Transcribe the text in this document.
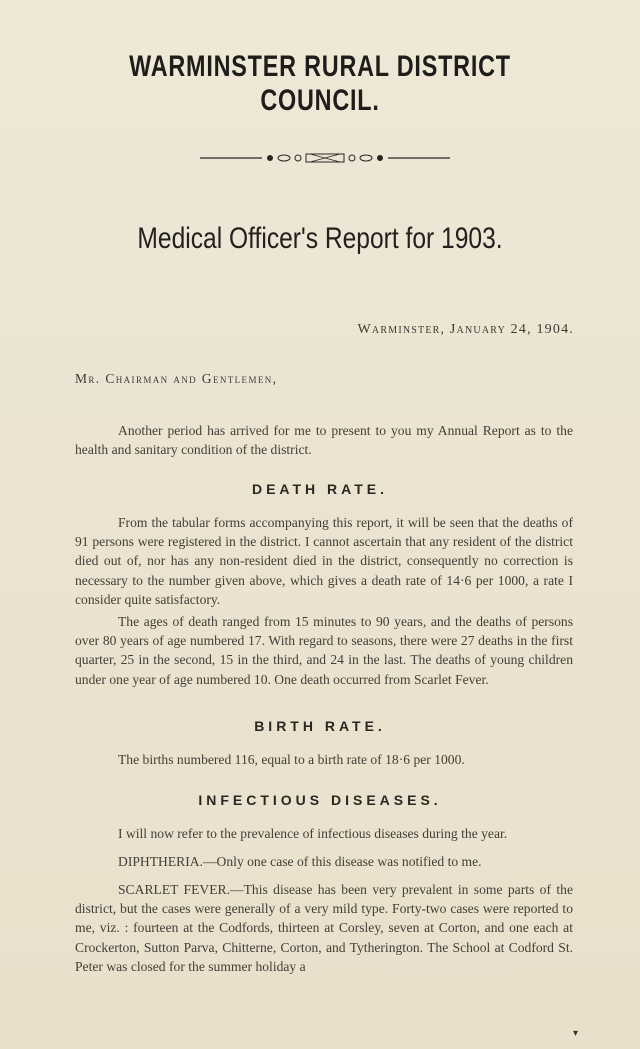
WARMINSTER RURAL DISTRICT COUNCIL.
Medical Officer's Report for 1903.
Warminster, January 24, 1904.
Mr. Chairman and Gentlemen,

Another period has arrived for me to present to you my Annual Report as to the health and sanitary condition of the district.

DEATH RATE.

From the tabular forms accompanying this report, it will be seen that the deaths of 91 persons were registered in the district. I cannot ascertain that any resident of the district died out of, nor has any non-resident died in the district, consequently no correction is necessary to the number given above, which gives a death rate of 14·6 per 1000, a rate I consider quite satisfactory.

The ages of death ranged from 15 minutes to 90 years, and the deaths of persons over 80 years of age numbered 17. With regard to seasons, there were 27 deaths in the first quarter, 25 in the second, 15 in the third, and 24 in the last. The deaths of young children under one year of age numbered 10. One death occurred from Scarlet Fever.

BIRTH RATE.

The births numbered 116, equal to a birth rate of 18·6 per 1000.

INFECTIOUS DISEASES.

I will now refer to the prevalence of infectious diseases during the year.

DIPHTHERIA.—Only one case of this disease was notified to me.

SCARLET FEVER.—This disease has been very prevalent in some parts of the district, but the cases were generally of a very mild type. Forty-two cases were reported to me, viz. : fourteen at the Codfords, thirteen at Corsley, seven at Corton, and one each at Crockerton, Sutton Parva, Chitterne, Corton, and Tytherington. The School at Codford St. Peter was closed for the summer holiday a

▾
